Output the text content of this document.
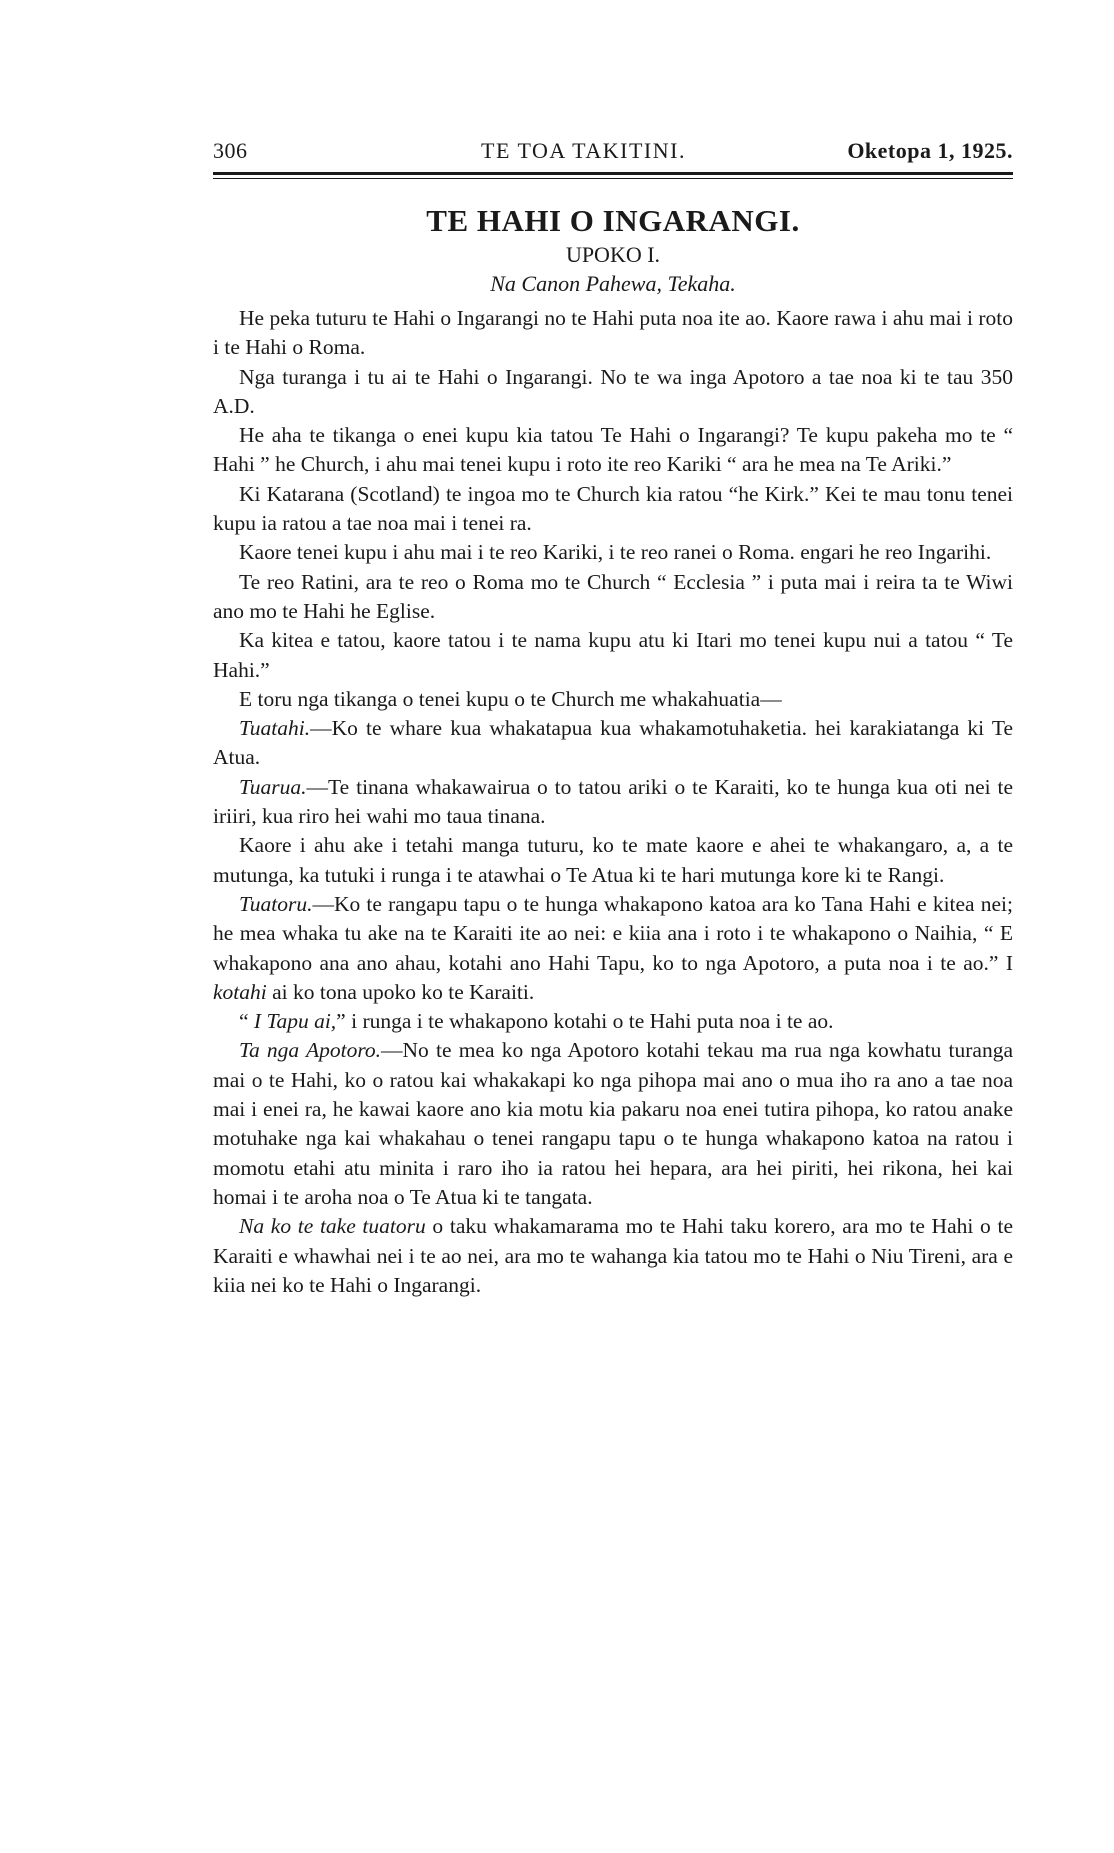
306	TE TOA TAKITINI.	Oketopa 1, 1925.
TE HAHI O INGARANGI.
UPOKO I.
Na Canon Pahewa, Tekaha.

He peka tuturu te Hahi o Ingarangi no te Hahi puta noa ite ao. Kaore rawa i ahu mai i roto i te Hahi o Roma.

Nga turanga i tu ai te Hahi o Ingarangi. No te wa inga Apotoro a tae noa ki te tau 350 A.D.

He aha te tikanga o enei kupu kia tatou Te Hahi o Ingarangi? Te kupu pakeha mo te “ Hahi ” he Church, i ahu mai tenei kupu i roto ite reo Kariki “ ara he mea na Te Ariki.”

Ki Katarana (Scotland) te ingoa mo te Church kia ratou “he Kirk.” Kei te mau tonu tenei kupu ia ratou a tae noa mai i tenei ra.

Kaore tenei kupu i ahu mai i te reo Kariki, i te reo ranei o Roma. engari he reo Ingarihi.

Te reo Ratini, ara te reo o Roma mo te Church “ Ecclesia ” i puta mai i reira ta te Wiwi ano mo te Hahi he Eglise.

Ka kitea e tatou, kaore tatou i te nama kupu atu ki Itari mo tenei kupu nui a tatou “ Te Hahi.”

E toru nga tikanga o tenei kupu o te Church me whakahuatia—

Tuatahi.—Ko te whare kua whakatapua kua whakamotuhaketia. hei karakiatanga ki Te Atua.

Tuarua.—Te tinana whakawairua o to tatou ariki o te Karaiti, ko te hunga kua oti nei te iriiri, kua riro hei wahi mo taua tinana.

Kaore i ahu ake i tetahi manga tuturu, ko te mate kaore e ahei te whakangaro, a, a te mutunga, ka tutuki i runga i te atawhai o Te Atua ki te hari mutunga kore ki te Rangi.

Tuatoru.—Ko te rangapu tapu o te hunga whakapono katoa ara ko Tana Hahi e kitea nei; he mea whaka tu ake na te Karaiti ite ao nei: e kiia ana i roto i te whakapono o Naihia, “ E whakapono ana ano ahau, kotahi ano Hahi Tapu, ko to nga Apotoro, a puta noa i te ao.” I kotahi ai ko tona upoko ko te Karaiti.

“ I Tapu ai,” i runga i te whakapono kotahi o te Hahi puta noa i te ao.

Ta nga Apotoro.—No te mea ko nga Apotoro kotahi tekau ma rua nga kowhatu turanga mai o te Hahi, ko o ratou kai whakakapi ko nga pihopa mai ano o mua iho ra ano a tae noa mai i enei ra, he kawai kaore ano kia motu kia pakaru noa enei tutira pihopa, ko ratou anake motuhake nga kai whakahau o tenei rangapu tapu o te hunga whakapono katoa na ratou i momotu etahi atu minita i raro iho ia ratou hei hepara, ara hei piriti, hei rikona, hei kai homai i te aroha noa o Te Atua ki te tangata.

Na ko te take tuatoru o taku whakamarama mo te Hahi taku korero, ara mo te Hahi o te Karaiti e whawhai nei i te ao nei, ara mo te wahanga kia tatou mo te Hahi o Niu Tireni, ara e kiia nei ko te Hahi o Ingarangi.
